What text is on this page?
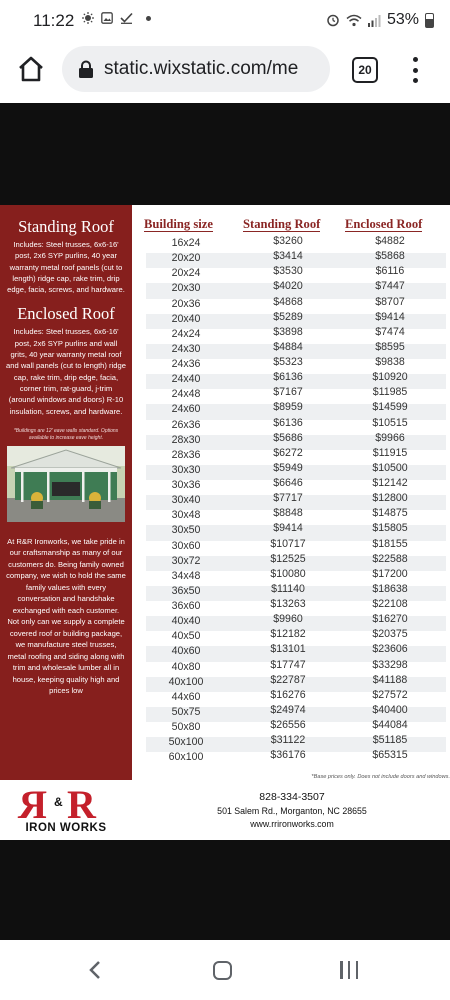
11:22	53%
static.wixstatic.com/me	20
Standing Roof

Includes: Steel trusses, 6x6-16' post, 2x6 SYP purlins, 40 year warranty metal roof panels (cut to length) ridge cap, rake trim, drip edge, facia, screws, and hardware.

Enclosed Roof

Includes: Steel trusses, 6x6-16' post, 2x6 SYP purlins and wall grits, 40 year warranty metal roof and wall panels (cut to length) ridge cap, rake trim, drip edge, facia, corner trim, rat-guard, j-trim (around windows and doors) R-10 insulation, screws, and hardware.

*Buildings are 12' eave walls standard. Options available to increase eave height.

At R&R Ironworks, we take pride in our craftsmanship as many of our customers do. Being family owned company, we wish to hold the same family values with every conversation and handshake exchanged with each customer. Not only can we supply a complete covered roof or building package, we manufacture steel trusses, metal roofing and siding along with trim and wholesale lumber all in house, keeping quality high and prices low

R & R
IRON WORKS
Building size Standing Roof Enclosed Roof
16x24	$3260	$4882
20x20	$3414	$5868
20x24	$3530	$6116
20x30	$4020	$7447
20x36	$4868	$8707
20x40	$5289	$9414
24x24	$3898	$7474
24x30	$4884	$8595
24x36	$5323	$9838
24x40	$6136	$10920
24x48	$7167	$11985
24x60	$8959	$14599
26x36	$6136	$10515
28x30	$5686	$9966
28x36	$6272	$11915
30x30	$5949	$10500
30x36	$6646	$12142
30x40	$7717	$12800
30x48	$8848	$14875
30x50	$9414	$15805
30x60	$10717	$18155
30x72	$12525	$22588
34x48	$10080	$17200
36x50	$11140	$18638
36x60	$13263	$22108
40x40	$9960	$16270
40x50	$12182	$20375
40x60	$13101	$23606
40x80	$17747	$33298
40x100	$22787	$41188
44x60	$16276	$27572
50x75	$24974	$40400
50x80	$26556	$44084
50x100	$31122	$51185
60x100	$36176	$65315
*Base prices only. Does not include doors and windows.
828-334-3507
501 Salem Rd., Morganton, NC 28655
www.rrironworks.com
